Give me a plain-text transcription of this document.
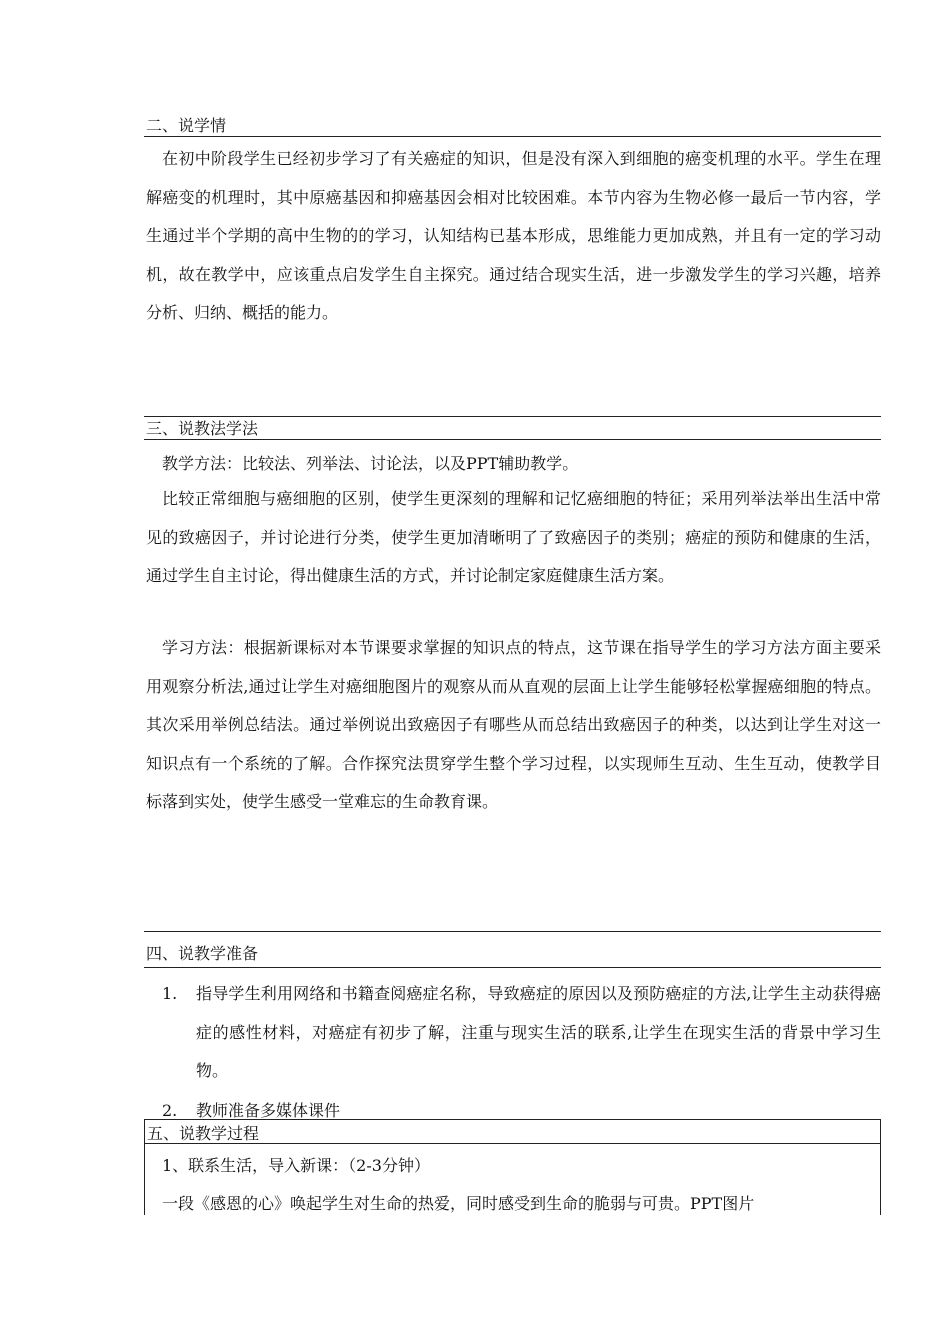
二、说学情
在初中阶段学生已经初步学习了有关癌症的知识，但是没有深入到细胞的癌变机理的水平。学生在理解癌变的机理时，其中原癌基因和抑癌基因会相对比较困难。本节内容为生物必修一最后一节内容，学生通过半个学期的高中生物的的学习，认知结构已基本形成，思维能力更加成熟，并且有一定的学习动机，故在教学中，应该重点启发学生自主探究。通过结合现实生活，进一步激发学生的学习兴趣，培养分析、归纳、概括的能力。
三、说教法学法
教学方法：比较法、列举法、讨论法，以及PPT辅助教学。
比较正常细胞与癌细胞的区别，使学生更深刻的理解和记忆癌细胞的特征；采用列举法举出生活中常见的致癌因子，并讨论进行分类，使学生更加清晰明了了致癌因子的类别；癌症的预防和健康的生活，通过学生自主讨论，得出健康生活的方式，并讨论制定家庭健康生活方案。
学习方法：根据新课标对本节课要求掌握的知识点的特点，这节课在指导学生的学习方法方面主要采用观察分析法,通过让学生对癌细胞图片的观察从而从直观的层面上让学生能够轻松掌握癌细胞的特点。其次采用举例总结法。通过举例说出致癌因子有哪些从而总结出致癌因子的种类，以达到让学生对这一知识点有一个系统的了解。合作探究法贯穿学生整个学习过程，以实现师生互动、生生互动，使教学目标落到实处，使学生感受一堂难忘的生命教育课。
四、说教学准备
1. 指导学生利用网络和书籍查阅癌症名称，导致癌症的原因以及预防癌症的方法,让学生主动获得癌症的感性材料，对癌症有初步了解，注重与现实生活的联系,让学生在现实生活的背景中学习生物。
2. 教师准备多媒体课件
五、说教学过程
1、联系生活，导入新课：（2-3分钟）
一段《感恩的心》唤起学生对生命的热爱，同时感受到生命的脆弱与可贵。PPT图片
